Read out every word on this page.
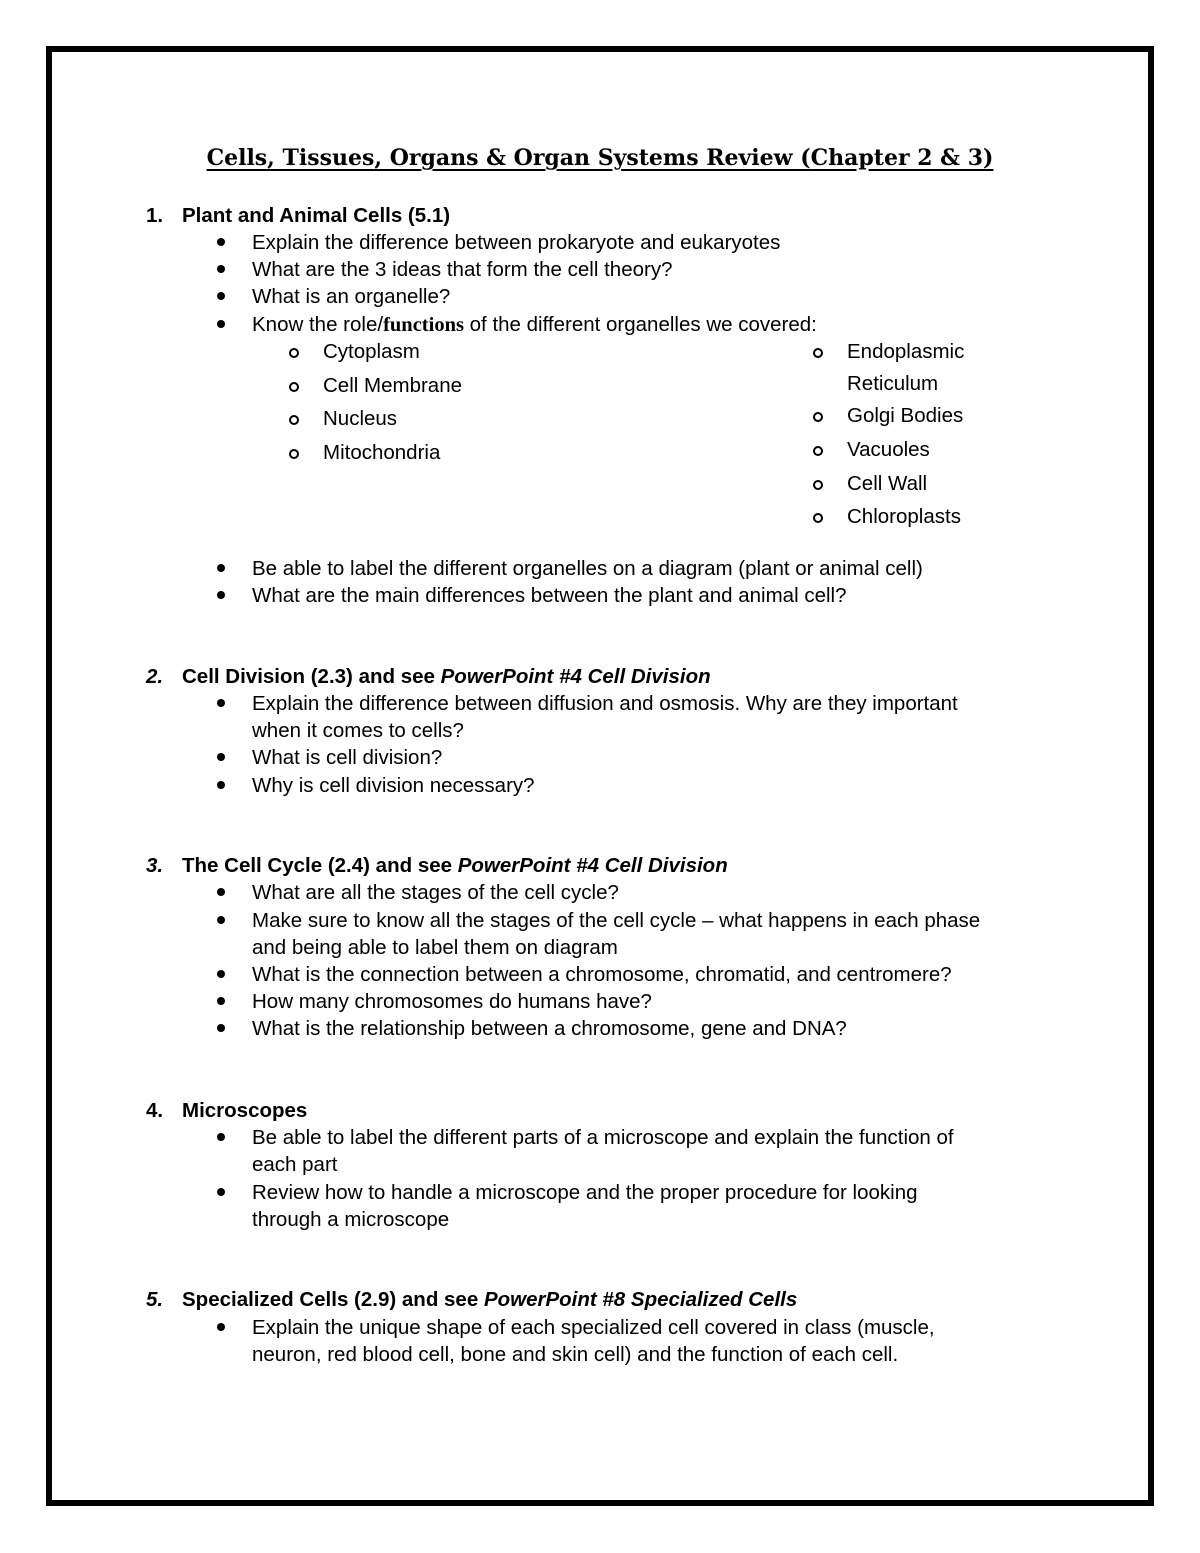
Cells, Tissues, Organs & Organ Systems Review (Chapter 2 & 3)
1. Plant and Animal Cells (5.1)
Explain the difference between prokaryote and eukaryotes
What are the 3 ideas that form the cell theory?
What is an organelle?
Know the role/functions of the different organelles we covered:
Cytoplasm
Cell Membrane
Nucleus
Mitochondria
Endoplasmic
Reticulum
Golgi Bodies
Vacuoles
Cell Wall
Chloroplasts
Be able to label the different organelles on a diagram (plant or animal cell)
What are the main differences between the plant and animal cell?
2. Cell Division (2.3) and see PowerPoint #4 Cell Division
Explain the difference between diffusion and osmosis. Why are they important
when it comes to cells?
What is cell division?
Why is cell division necessary?
3. The Cell Cycle (2.4) and see PowerPoint #4 Cell Division
What are all the stages of the cell cycle?
Make sure to know all the stages of the cell cycle – what happens in each phase
and being able to label them on diagram
What is the connection between a chromosome, chromatid, and centromere?
How many chromosomes do humans have?
What is the relationship between a chromosome, gene and DNA?
4. Microscopes
Be able to label the different parts of a microscope and explain the function of
each part
Review how to handle a microscope and the proper procedure for looking
through a microscope
5. Specialized Cells (2.9) and see PowerPoint #8 Specialized Cells
Explain the unique shape of each specialized cell covered in class (muscle,
neuron, red blood cell, bone and skin cell) and the function of each cell.
